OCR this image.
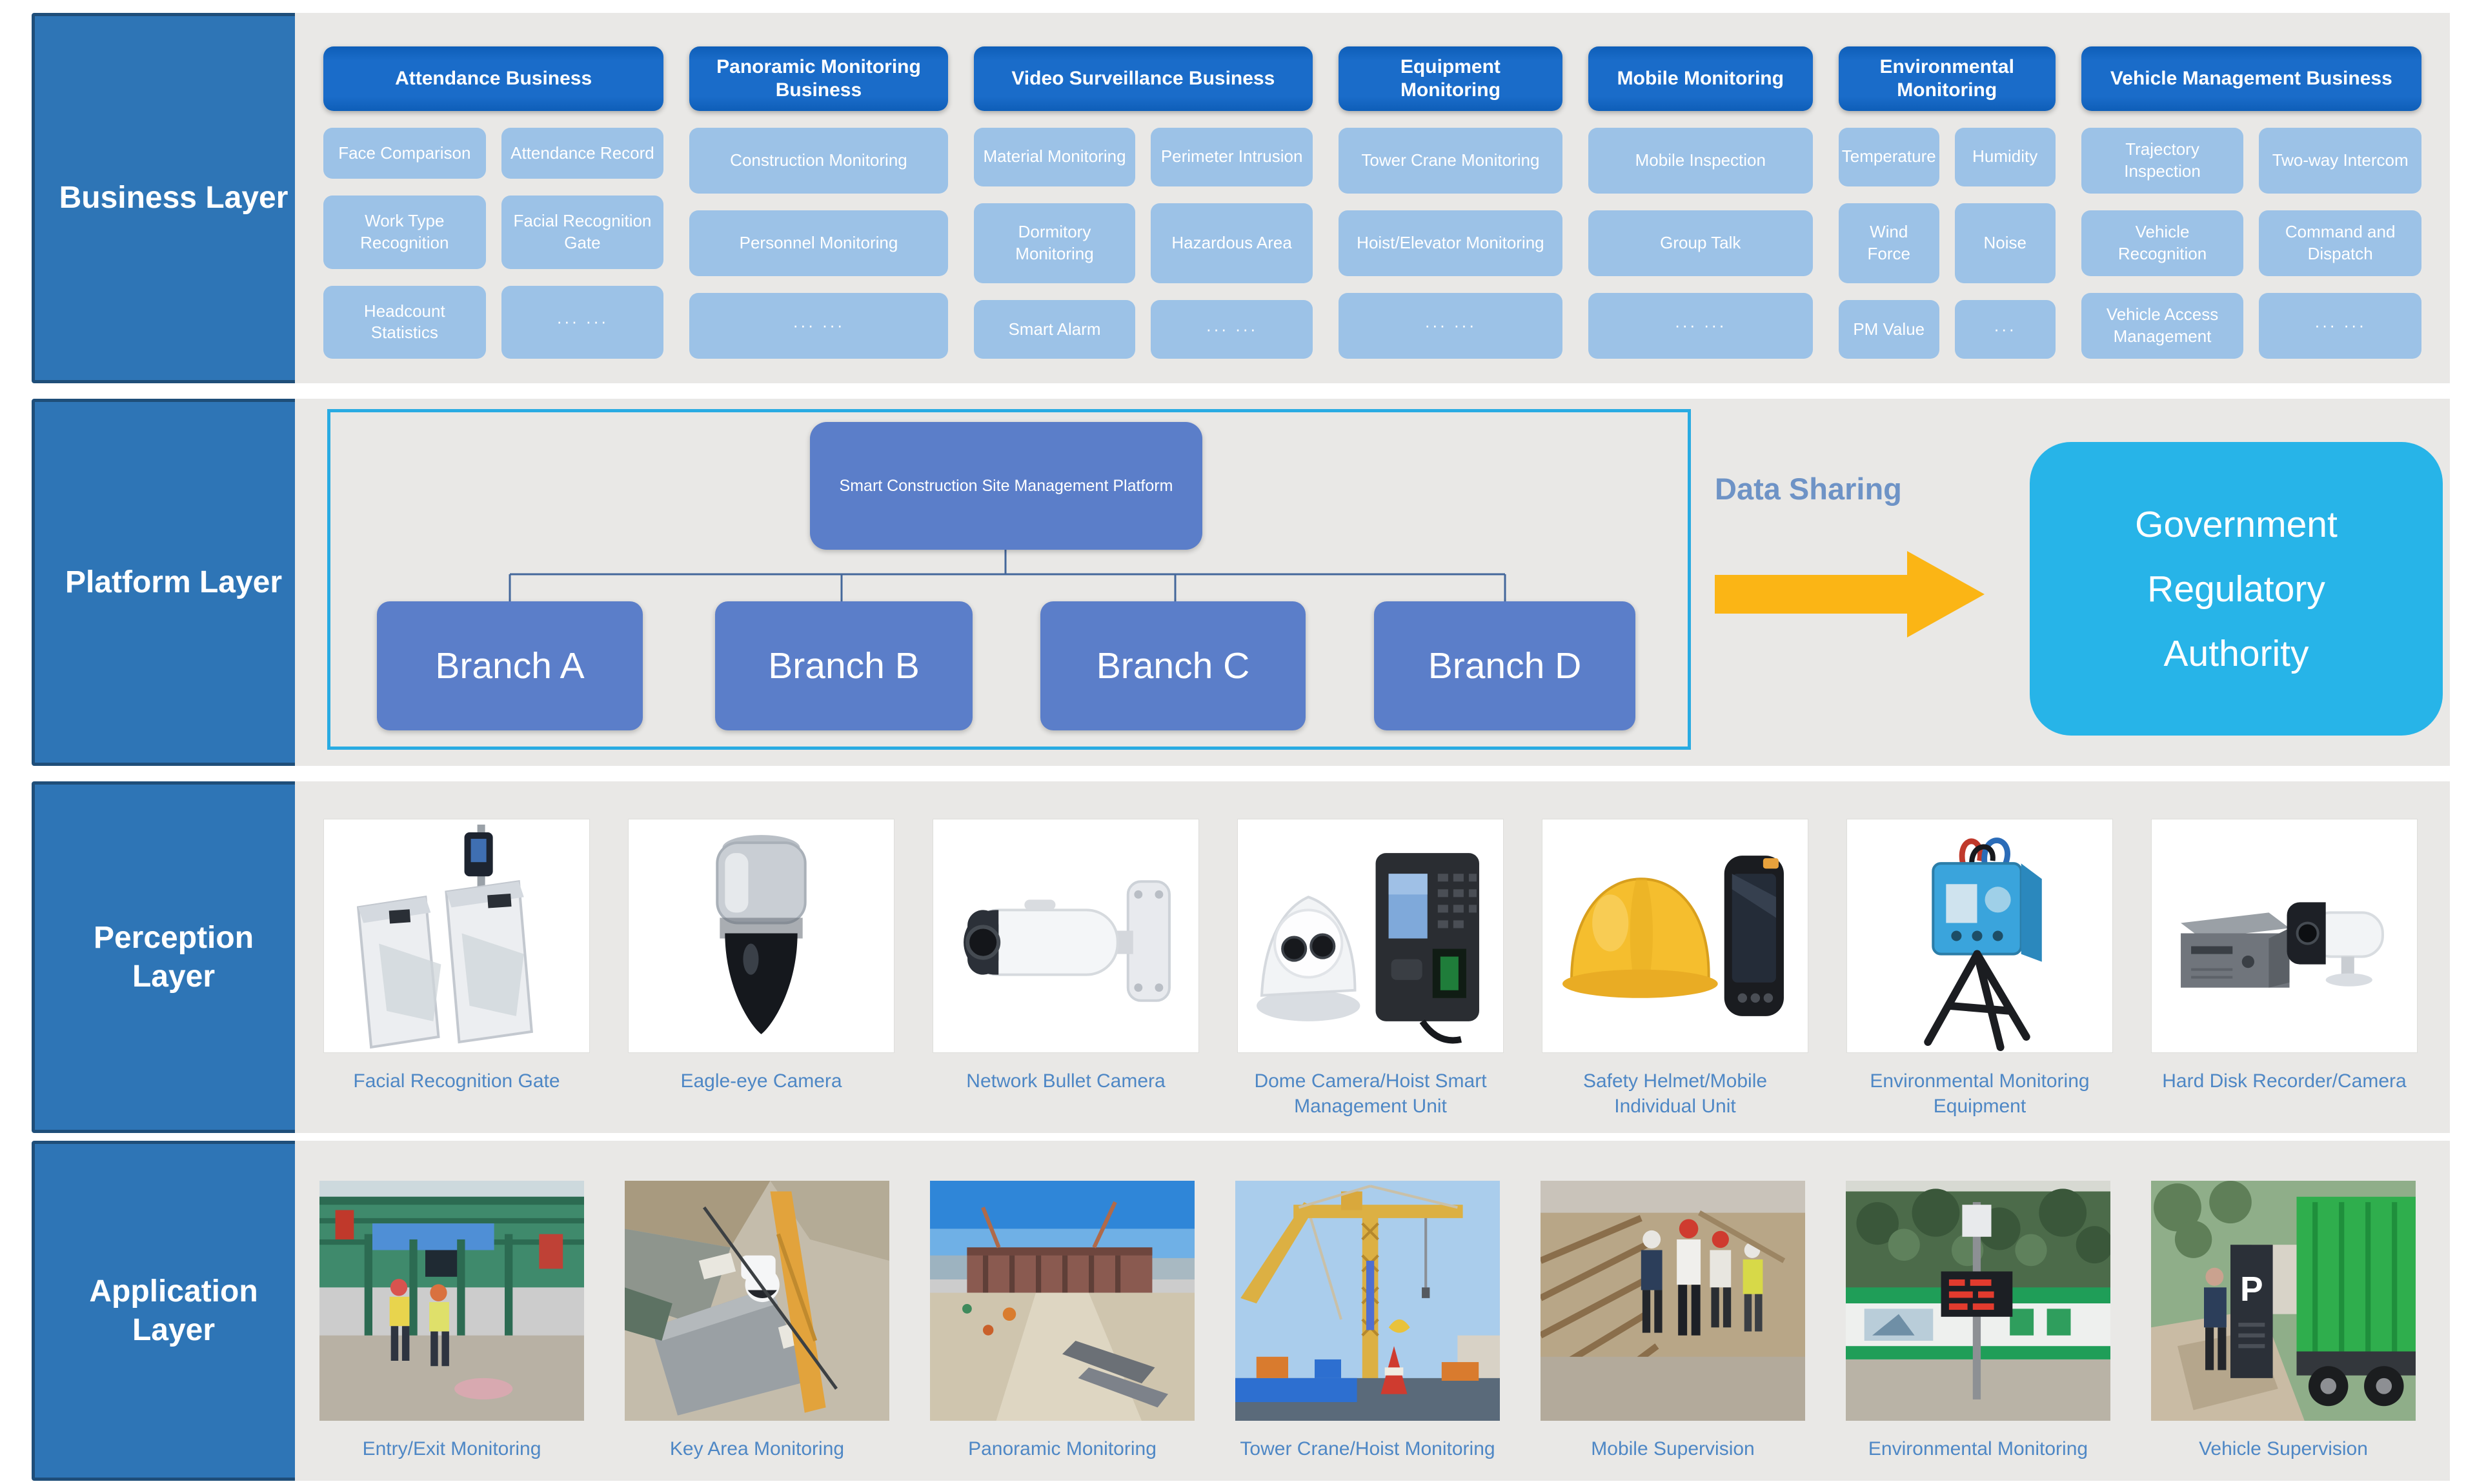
Business Layer
Attendance Business
Face Comparison	Attendance Record
Work Type Recognition
Facial Recognition Gate
Headcount Statistics
··· ···
Panoramic Monitoring Business
Construction Monitoring
Personnel Monitoring
··· ···
Video Surveillance Business
Material Monitoring	Perimeter Intrusion
Dormitory Monitoring
Hazardous Area
Smart Alarm	··· ···
Equipment Monitoring
Tower Crane Monitoring
Hoist/Elevator Monitoring
··· ···
Mobile Monitoring
Mobile Inspection
Group Talk
··· ···
Environmental Monitoring
Temperature	Humidity
Wind Force
Noise
PM Value	···
Vehicle Management Business
Trajectory Inspection
Two-way Intercom
Vehicle Recognition
Command and Dispatch
Vehicle Access Management
··· ···
Platform Layer
Smart Construction Site Management Platform
Branch A	Branch B	Branch C	Branch D
Data Sharing
Government
Regulatory
Authority
Perception Layer
Facial Recognition Gate	Eagle-eye Camera	Network Bullet Camera	Dome Camera/Hoist Smart Management Unit
Safety Helmet/Mobile Individual Unit
Environmental Monitoring Equipment
Hard Disk Recorder/Camera
Application Layer
Entry/Exit Monitoring	Key Area Monitoring	Panoramic Monitoring	Tower Crane/Hoist Monitoring	Mobile Supervision	Environmental Monitoring
P
Vehicle Supervision
